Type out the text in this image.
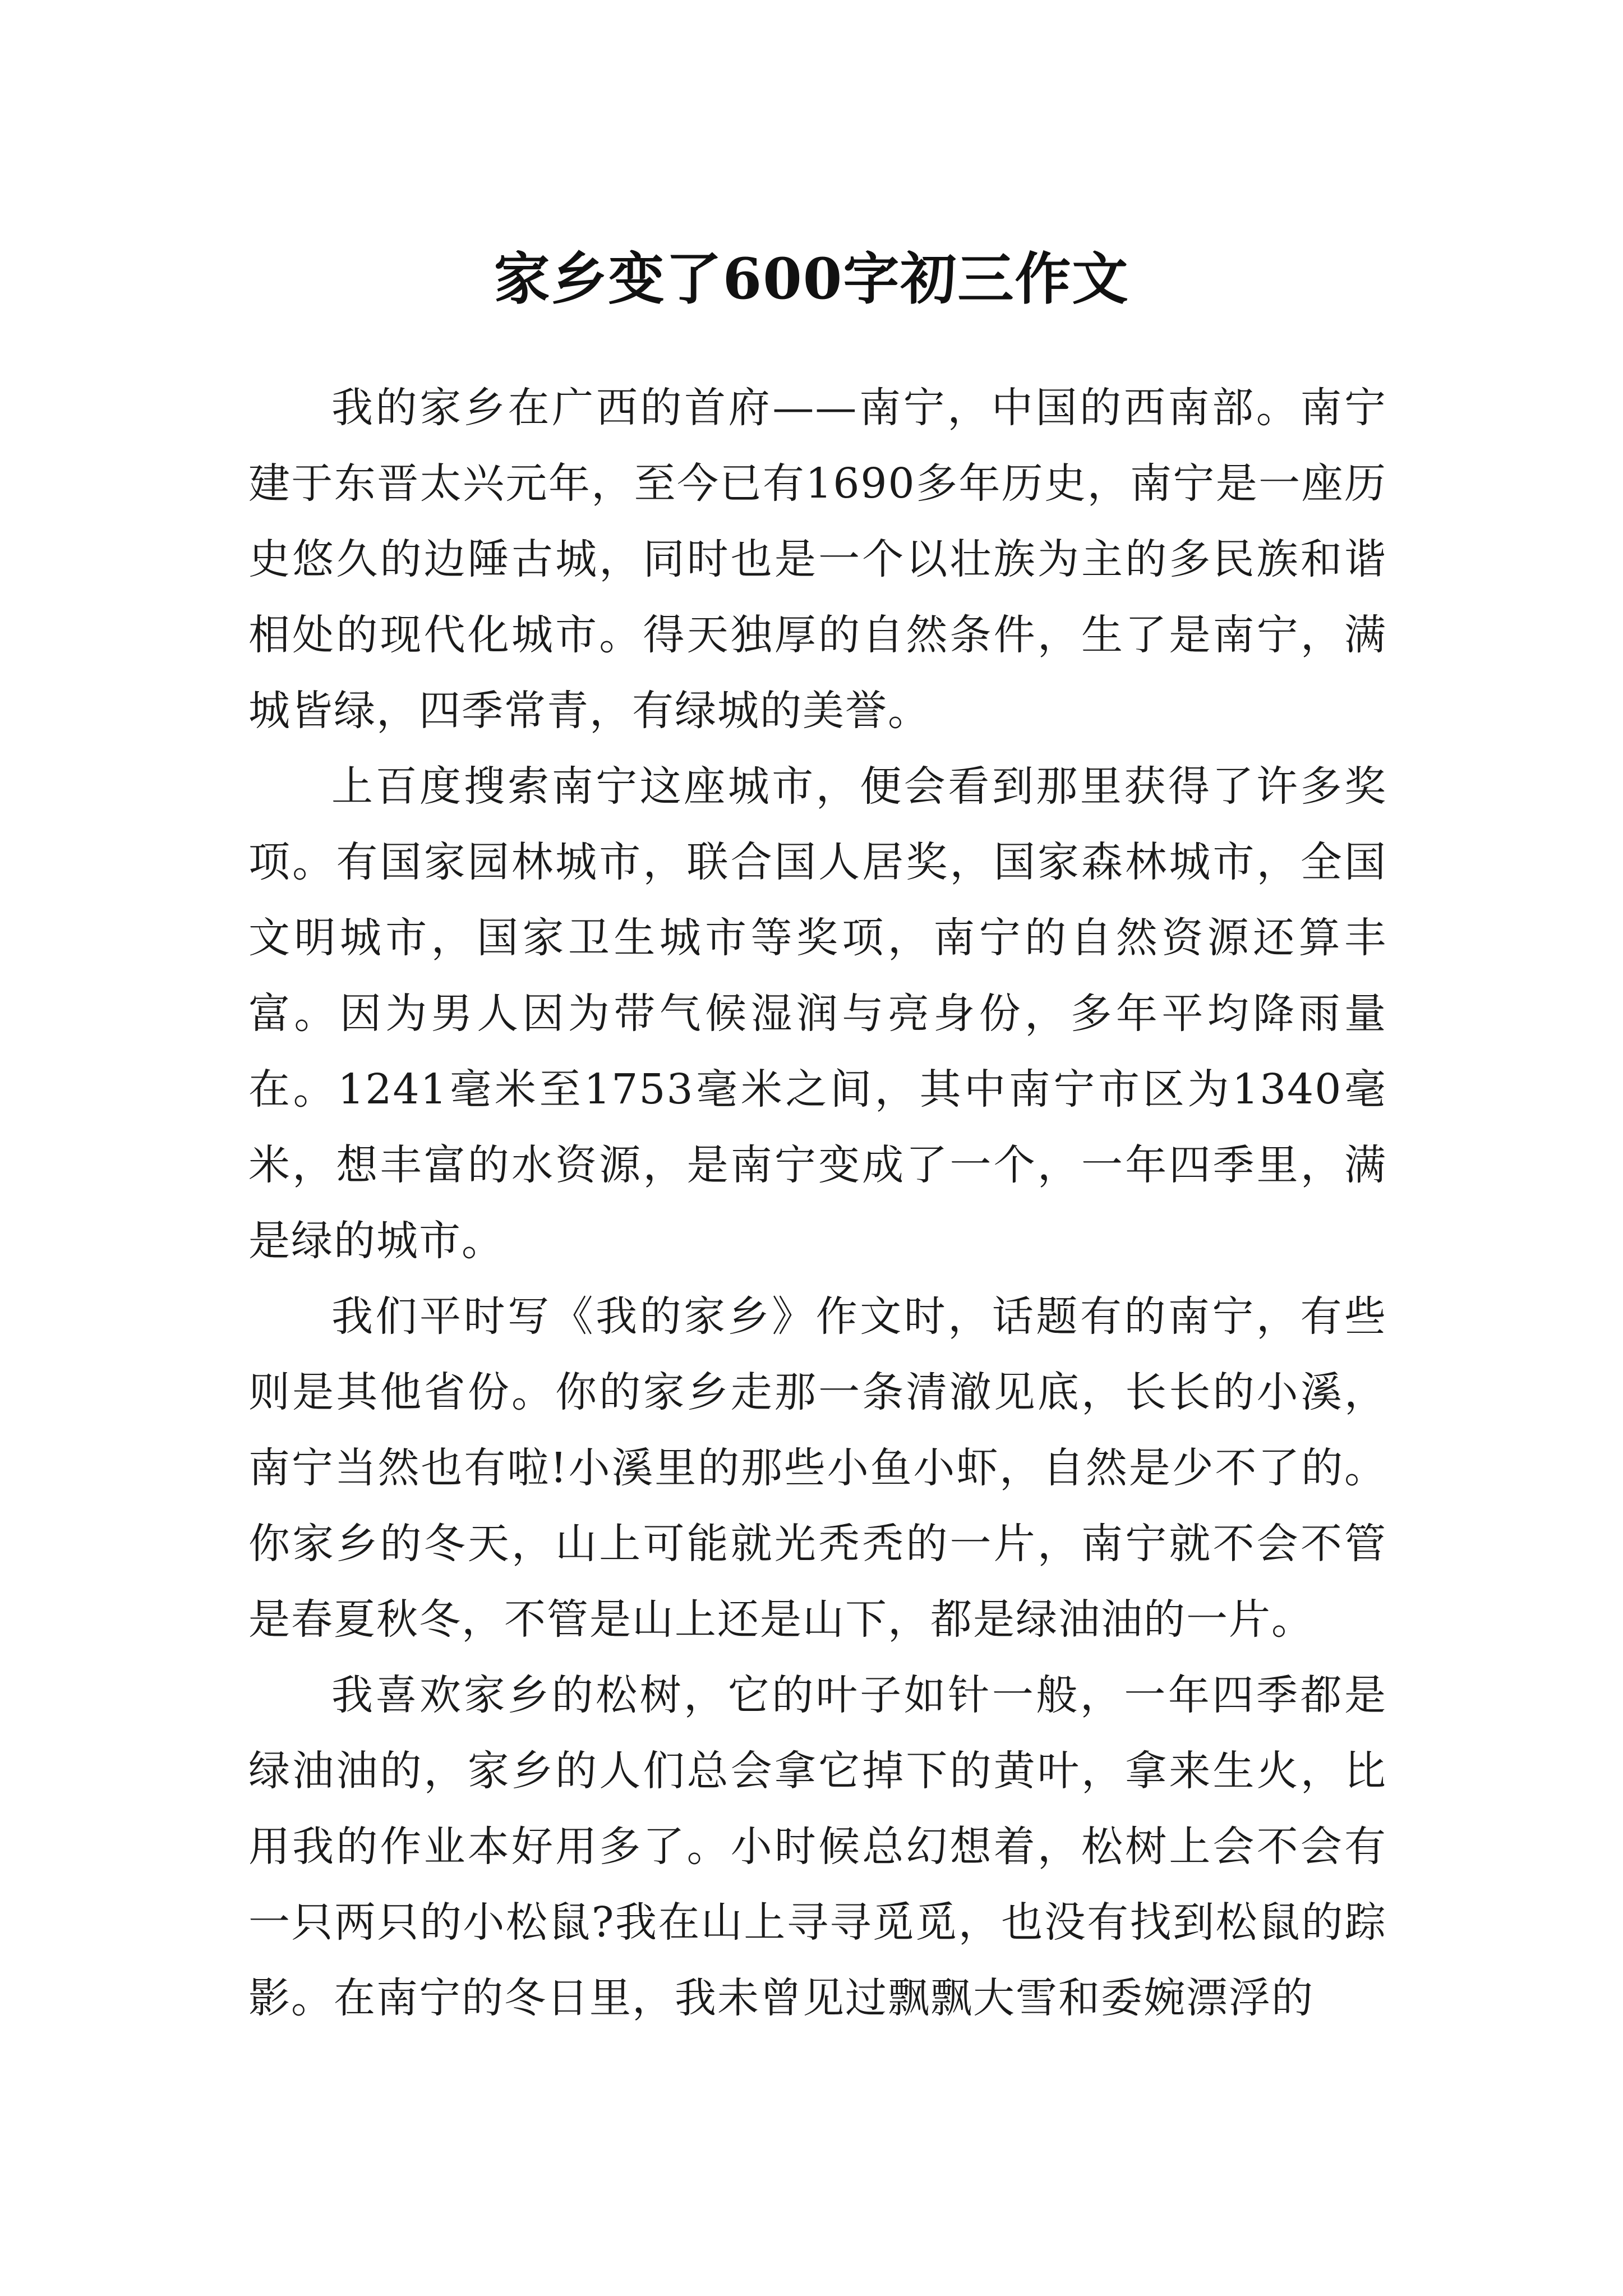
家乡变了600字初三作文

我的家乡在广西的首府——南宁，中国的西南部。南宁建于东晋太兴元年，至今已有1690多年历史，南宁是一座历史悠久的边陲古城，同时也是一个以壮族为主的多民族和谐相处的现代化城市。得天独厚的自然条件，生了是南宁，满城皆绿，四季常青，有绿城的美誉。

上百度搜索南宁这座城市，便会看到那里获得了许多奖项。有国家园林城市，联合国人居奖，国家森林城市，全国文明城市，国家卫生城市等奖项，南宁的自然资源还算丰富。因为男人因为带气候湿润与亮身份，多年平均降雨量在。1241毫米至1753毫米之间，其中南宁市区为1340毫米，想丰富的水资源，是南宁变成了一个，一年四季里，满是绿的城市。

我们平时写《我的家乡》作文时，话题有的南宁，有些则是其他省份。你的家乡走那一条清澈见底，长长的小溪，南宁当然也有啦!小溪里的那些小鱼小虾，自然是少不了的。你家乡的冬天，山上可能就光秃秃的一片，南宁就不会不管是春夏秋冬，不管是山上还是山下，都是绿油油的一片。

我喜欢家乡的松树，它的叶子如针一般，一年四季都是绿油油的，家乡的人们总会拿它掉下的黄叶，拿来生火，比用我的作业本好用多了。小时候总幻想着，松树上会不会有一只两只的小松鼠?我在山上寻寻觅觅，也没有找到松鼠的踪影。在南宁的冬日里，我未曾见过飘飘大雪和委婉漂浮的
